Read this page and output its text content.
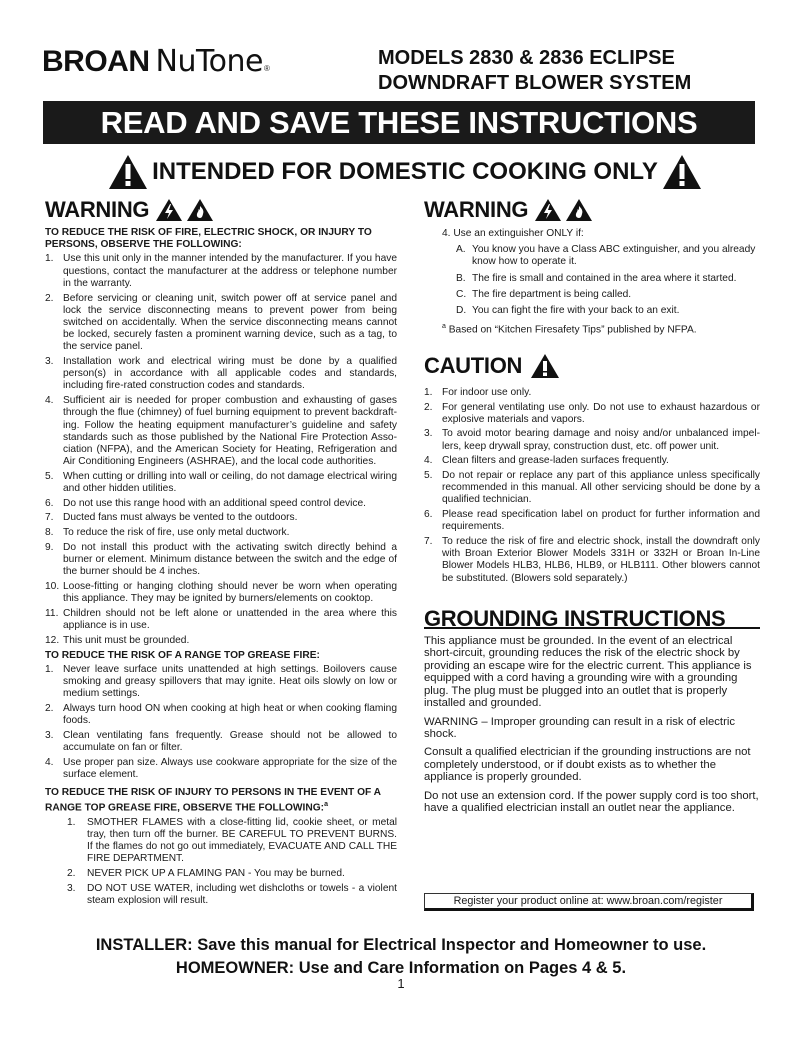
BROAN NuTone ®	MODELS 2830 & 2836 ECLIPSE
DOWNDRAFT BLOWER SYSTEM
READ AND SAVE THESE INSTRUCTIONS
INTENDED FOR DOMESTIC COOKING ONLY
WARNING
TO REDUCE THE RISK OF FIRE, ELECTRIC SHOCK, OR INJURY TO PERSONS, OBSERVE THE FOLLOWING:
1. Use this unit only in the manner intended by the manufacturer. If you have questions, contact the manufacturer at the address or telephone number in the warranty.
2. Before servicing or cleaning unit, switch power off at service panel and lock the service disconnecting means to prevent power from being switched on accidentally. When the service disconnecting means cannot be locked, securely fasten a prominent warning device, such as a tag, to the service panel.
3. Installation work and electrical wiring must be done by a qualified person(s) in accordance with all applicable codes and standards, including fire-rated construction codes and standards.
4. Sufficient air is needed for proper combustion and exhausting of gases through the flue (chimney) of fuel burning equipment to prevent backdraft-ing. Follow the heating equipment manufacturer’s guideline and safety standards such as those published by the National Fire Protection Asso-ciation (NFPA), and the American Society for Heating, Refrigeration and Air Conditioning Engineers (ASHRAE), and the local code authorities.
5. When cutting or drilling into wall or ceiling, do not damage electrical wiring and other hidden utilities.
6. Do not use this range hood with an additional speed control device.
7. Ducted fans must always be vented to the outdoors.
8. To reduce the risk of fire, use only metal ductwork.
9. Do not install this product with the activating switch directly behind a burner or element. Minimum distance between the switch and the edge of the burner should be 4 inches.
10. Loose-fitting or hanging clothing should never be worn when operating this appliance. They may be ignited by burners/elements on cooktop.
11. Children should not be left alone or unattended in the area where this appliance is in use.
12. This unit must be grounded.
TO REDUCE THE RISK OF A RANGE TOP GREASE FIRE:
1. Never leave surface units unattended at high settings. Boilovers cause smoking and greasy spillovers that may ignite. Heat oils slowly on low or medium settings.
2. Always turn hood ON when cooking at high heat or when cooking flaming foods.
3. Clean ventilating fans frequently. Grease should not be allowed to accumulate on fan or filter.
4. Use proper pan size. Always use cookware appropriate for the size of the surface element.
TO REDUCE THE RISK OF INJURY TO PERSONS IN THE EVENT OF A RANGE TOP GREASE FIRE, OBSERVE THE FOLLOWING:$^a$
1.	SMOTHER FLAMES with a close-fitting lid, cookie sheet, or metal tray, then turn off the burner. BE CAREFUL TO PREVENT BURNS. If the flames do not go out immediately, EVACUATE AND CALL THE FIRE DEPARTMENT.
2.	NEVER PICK UP A FLAMING PAN - You may be burned.
3.	DO NOT USE WATER, including wet dishcloths or towels - a violent steam explosion will result.
WARNING
4. Use an extinguisher ONLY if:
A. You know you have a Class ABC extinguisher, and you already know how to operate it.
B. The fire is small and contained in the area where it started.
C. The fire department is being called.
D. You can fight the fire with your back to an exit.
$^a$ Based on “Kitchen Firesafety Tips” published by NFPA.
CAUTION
1. For indoor use only.
2. For general ventilating use only. Do not use to exhaust hazardous or explosive materials and vapors.
3. To avoid motor bearing damage and noisy and/or unbalanced impel-lers, keep drywall spray, construction dust, etc. off power unit.
4. Clean filters and grease-laden surfaces frequently.
5. Do not repair or replace any part of this appliance unless specifically recommended in this manual. All other servicing should be done by a qualified technician.
6. Please read specification label on product for further information and requirements.
7. To reduce the risk of fire and electric shock, install the downdraft only with Broan Exterior Blower Models 331H or 332H or Broan In-Line Blower Models HLB3, HLB6, HLB9, or HLB111. Other blowers cannot be substituted. (Blowers sold separately.)
GROUNDING INSTRUCTIONS

This appliance must be grounded. In the event of an electrical short-circuit, grounding reduces the risk of the electric shock by providing an escape wire for the electric current. This appliance is equipped with a cord having a grounding wire with a grounding plug. The plug must be plugged into an outlet that is properly installed and grounded.

WARNING – Improper grounding can result in a risk of electric shock.

Consult a qualified electrician if the grounding instructions are not completely understood, or if doubt exists as to whether the appliance is properly grounded.

Do not use an extension cord. If the power supply cord is too short, have a qualified electrician install an outlet near the appliance.

Register your product online at: www.broan.com/register
INSTALLER: Save this manual for Electrical Inspector and Homeowner to use.
HOMEOWNER: Use and Care Information on Pages 4 & 5.
1
